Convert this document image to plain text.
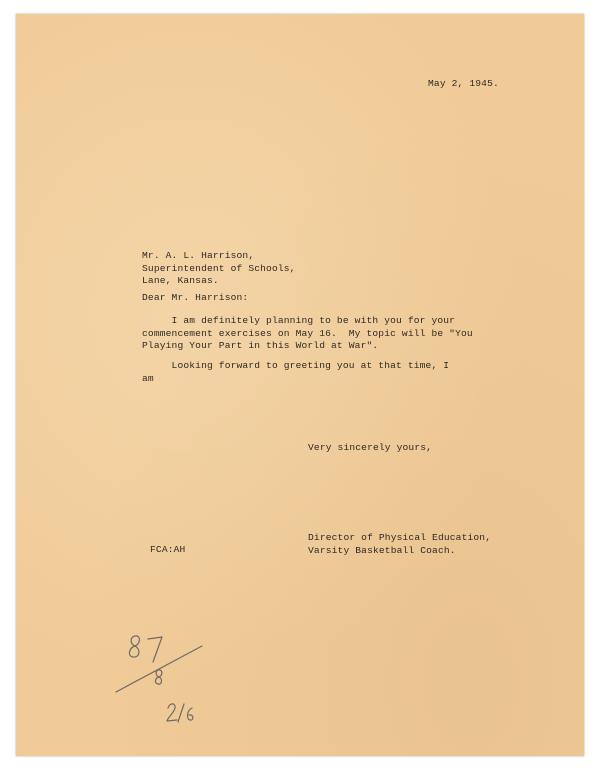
May 2, 1945.
Mr. A. L. Harrison,
Superintendent of Schools,
Lane, Kansas.
Dear Mr. Harrison:
I am definitely planning to be with you for your
commencement exercises on May 16.  My topic will be "You
Playing Your Part in this World at War".
Looking forward to greeting you at that time, I
am
Very sincerely yours,
Director of Physical Education,
Varsity Basketball Coach.
FCA:AH
